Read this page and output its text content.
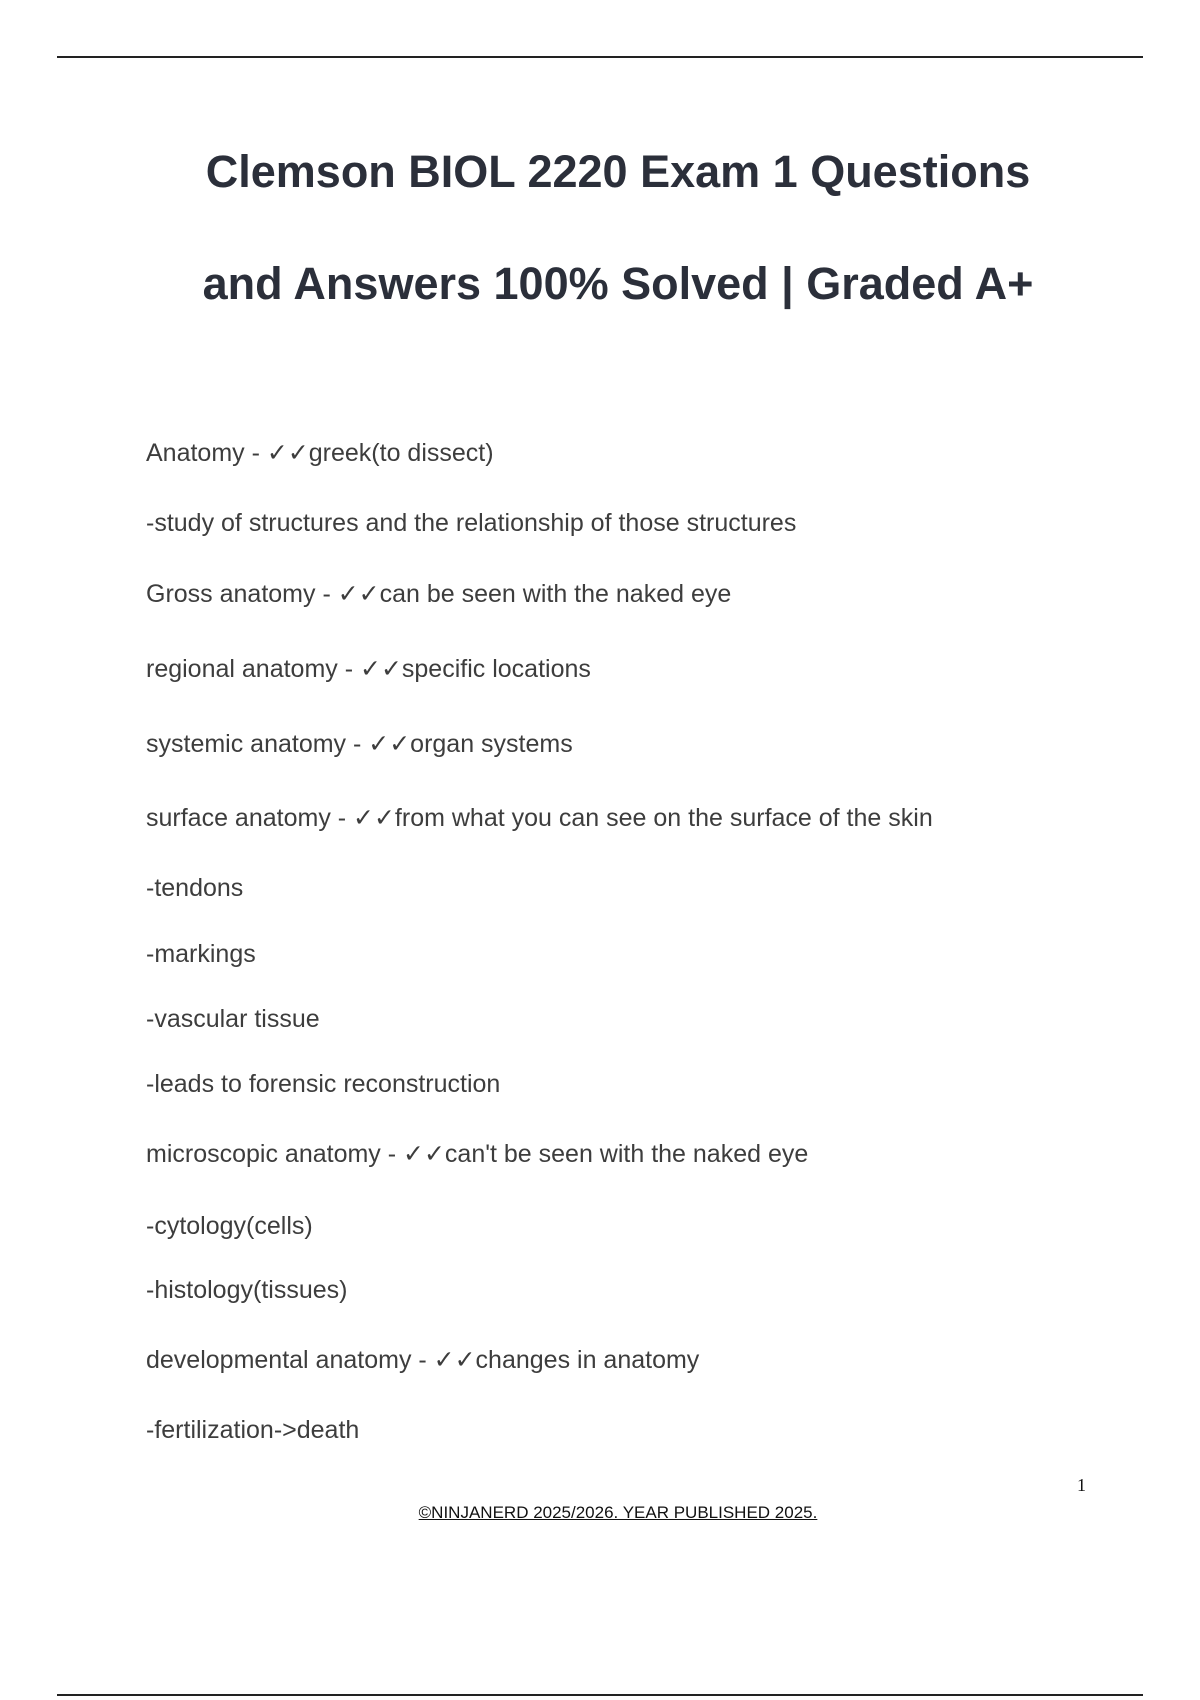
Clemson BIOL 2220 Exam 1 Questions
and Answers 100% Solved | Graded A+
Anatomy - ✓✓greek(to dissect)
-study of structures and the relationship of those structures
Gross anatomy - ✓✓can be seen with the naked eye
regional anatomy - ✓✓specific locations
systemic anatomy - ✓✓organ systems
surface anatomy - ✓✓from what you can see on the surface of the skin
-tendons
-markings
-vascular tissue
-leads to forensic reconstruction
microscopic anatomy - ✓✓can't be seen with the naked eye
-cytology(cells)
-histology(tissues)
developmental anatomy - ✓✓changes in anatomy
-fertilization->death
1
©NINJANERD 2025/2026. YEAR PUBLISHED 2025.
